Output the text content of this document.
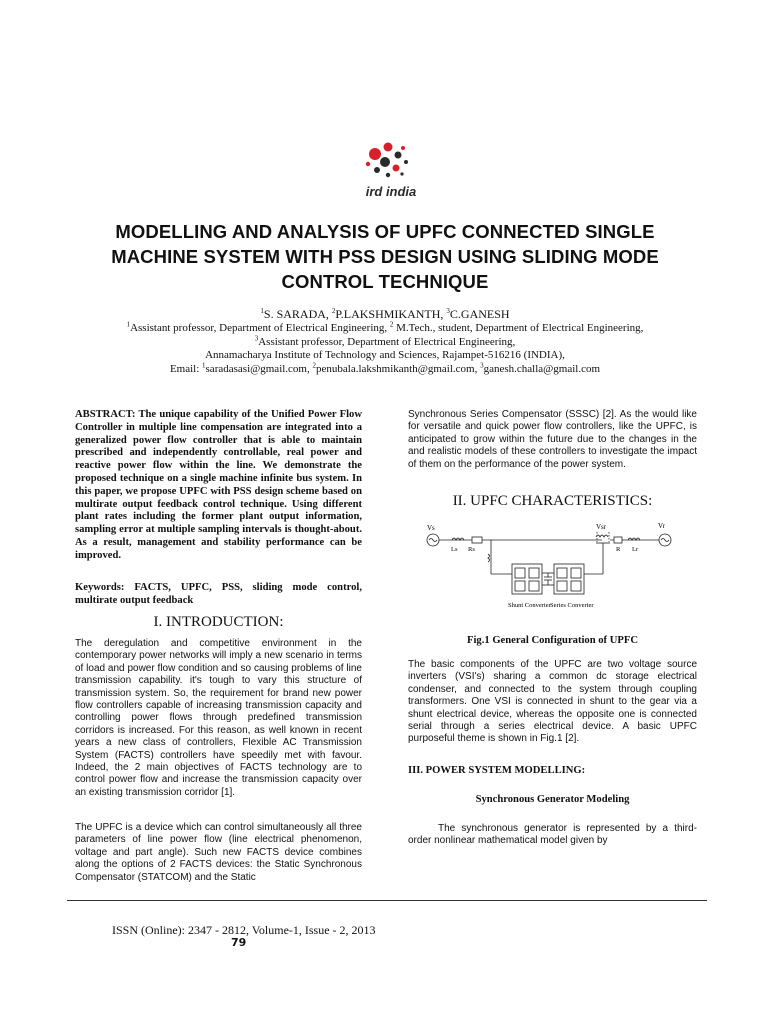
ird india
MODELLING AND ANALYSIS OF UPFC CONNECTED SINGLE
MACHINE SYSTEM WITH PSS DESIGN USING SLIDING MODE
CONTROL TECHNIQUE
$^1$S. SARADA, $^2$P.LAKSHMIKANTH, $^3$C.GANESH
$^1$Assistant professor, Department of Electrical Engineering, $^2$ M.Tech., student, Department of Electrical Engineering,
$^3$Assistant professor, Department of Electrical Engineering,
Annamacharya Institute of Technology and Sciences, Rajampet-516216 (INDIA),
Email: $^1$saradasasi@gmail.com, $^2$penubala.lakshmikanth@gmail.com, $^3$ganesh.challa@gmail.com
ABSTRACT: The unique capability of the Unified Power Flow Controller in multiple line compensation are integrated into a generalized power flow controller that is able to maintain prescribed and independently controllable, real power and reactive power flow within the line. We demonstrate the proposed technique on a single machine infinite bus system. In this paper, we propose UPFC with PSS design scheme based on multirate output feedback control technique. Using different plant rates including the former plant output information, sampling error at multiple sampling intervals is thought-about. As a result, management and stability performance can be improved.
Keywords: FACTS, UPFC, PSS, sliding mode control, multirate output feedback
I. INTRODUCTION:
The deregulation and competitive environment in the contemporary power networks will imply a new scenario in terms of load and power flow condition and so causing problems of line transmission capability. it's tough to vary this structure of transmission system. So, the requirement for brand new power flow controllers capable of increasing transmission capacity and controlling power flows through predefined transmission corridors is increased. For this reason, as well known in recent years a new class of controllers, Flexible AC Transmission System (FACTS) controllers have speedily met with favour. Indeed, the 2 main objectives of FACTS technology are to control power flow and increase the transmission capacity over an existing transmission corridor [1].
The UPFC is a device which can control simultaneously all three parameters of line power flow (line electrical phenomenon, voltage and part angle). Such new FACTS device combines along the options of 2 FACTS devices: the Static Synchronous Compensator (STATCOM) and the Static
Synchronous Series Compensator (SSSC) [2]. As the would like for versatile and quick power flow controllers, like the UPFC, is anticipated to grow within the future due to the changes in the and realistic models of these controllers to investigate the impact of them on the performance of the power system.
II. UPFC CHARACTERISTICS:
Vs	Vr
Vsr
Ls Rs	R Lr
Shunt Converter Series Converter
Fig.1 General Configuration of UPFC
The basic components of the UPFC are two voltage source inverters (VSI's) sharing a common dc storage electrical condenser, and connected to the system through coupling transformers. One VSI is connected in shunt to the gear via a shunt electrical device, whereas the opposite one is connected serial through a series electrical device. A basic UPFC purposeful theme is shown in Fig.1 [2].
III. POWER SYSTEM MODELLING:
Synchronous Generator Modeling
The synchronous generator is represented by a third-order nonlinear mathematical model given by
ISSN (Online): 2347 - 2812, Volume-1, Issue - 2, 2013
79
